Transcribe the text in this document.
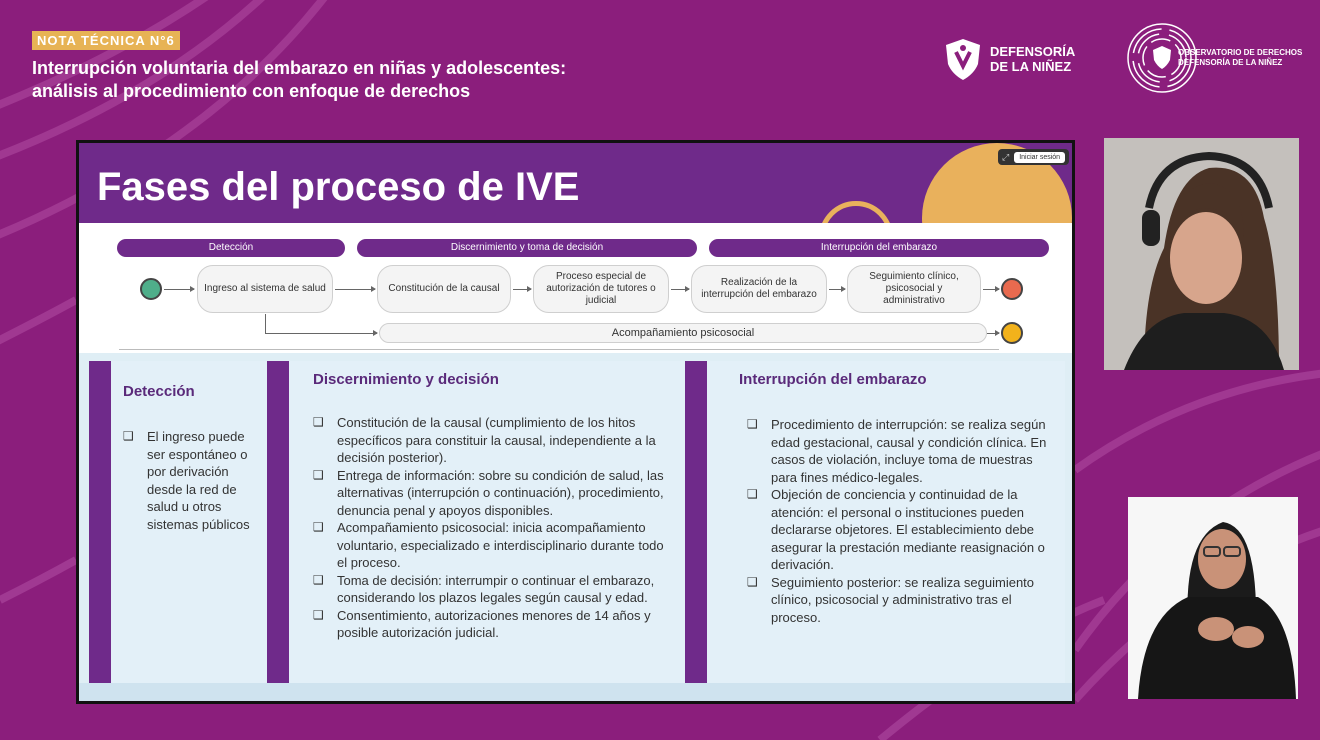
NOTA TÉCNICA N°6
Interrupción voluntaria del embarazo en niñas y adolescentes:
análisis al procedimiento con enfoque de derechos
DEFENSORÍA
DE LA NIÑEZ
OBSERVATORIO DE DERECHOS
DEFENSORÍA DE LA NIÑEZ
Fases del proceso de IVE
⤢	Iniciar sesión
Detección	Discernimiento y toma de decisión	Interrupción del embarazo
Ingreso al sistema de salud	Constitución de la causal
Proceso especial de autorización de tutores o judicial
Realización de la interrupción del embarazo
Seguimiento clínico, psicosocial y administrativo
Acompañamiento psicosocial
Detección
❑ El ingreso puede ser espontáneo o por derivación desde la red de salud u otros sistemas públicos
Discernimiento y decisión
❑ Constitución de la causal (cumplimiento de los hitos específicos para constituir la causal, independiente a la decisión posterior).
❑ Entrega de información: sobre su condición de salud, las alternativas (interrupción o continuación), procedimiento, denuncia penal y apoyos disponibles.
❑ Acompañamiento psicosocial: inicia acompañamiento voluntario, especializado e interdisciplinario durante todo el proceso.
❑ Toma de decisión: interrumpir o continuar el embarazo, considerando los plazos legales según causal y edad.
❑ Consentimiento, autorizaciones menores de 14 años y posible autorización judicial.
Interrupción del embarazo
❑ Procedimiento de interrupción: se realiza según edad gestacional, causal y condición clínica. En casos de violación, incluye toma de muestras para fines médico-legales.
❑ Objeción de conciencia y continuidad de la atención: el personal o instituciones pueden declararse objetores. El establecimiento debe asegurar la prestación mediante reasignación o derivación.
❑ Seguimiento posterior: se realiza seguimiento clínico, psicosocial y administrativo tras el proceso.
